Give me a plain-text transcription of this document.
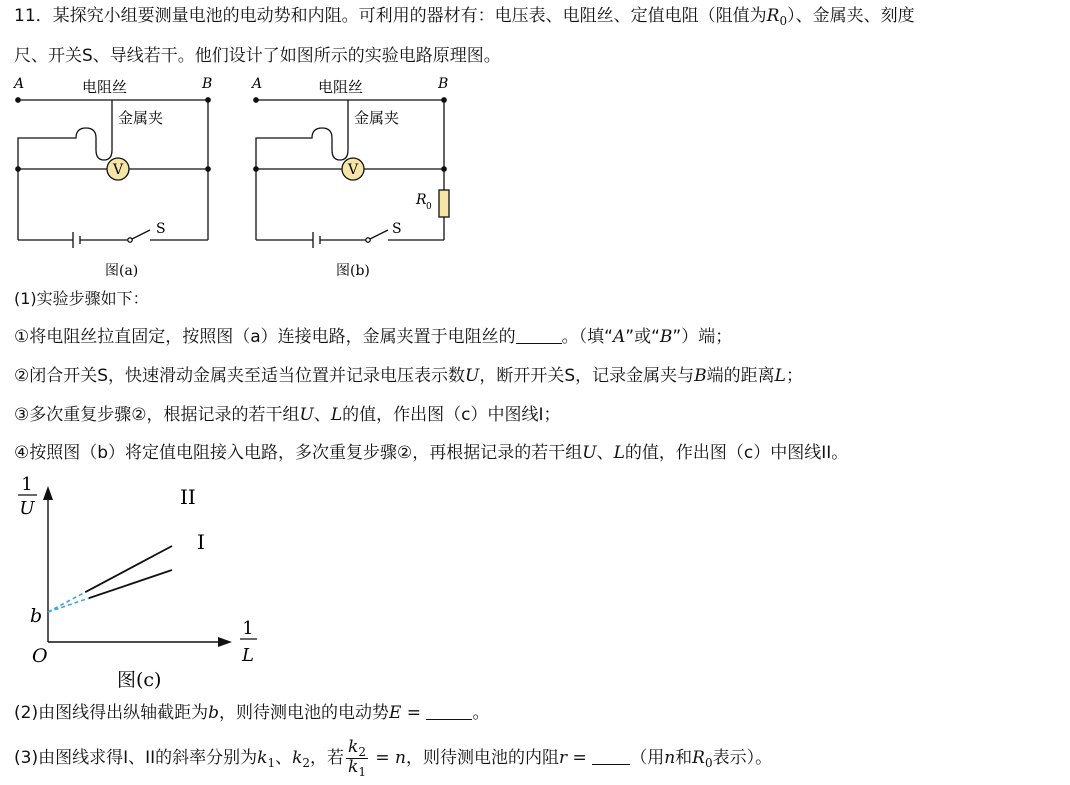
11．某探究小组要测量电池的电动势和内阻。可利用的器材有：电压表、电阻丝、定值电阻（阻值为$R_0$）、金属夹、刻度
尺、开关S、导线若干。他们设计了如图所示的实验电路原理图。
V
A	B
电阻丝
金属夹
S
图(a)
V
A	B
电阻丝
金属夹
R 0
S
图(b)
(1)实验步骤如下：
①将电阻丝拉直固定，按照图（a）连接电路，金属夹置于电阻丝的	。（填“A”或“B”）端；
②闭合开关S，快速滑动金属夹至适当位置并记录电压表示数U，断开开关S，记录金属夹与B端的距离L；
③多次重复步骤②，根据记录的若干组U、L的值，作出图（c）中图线I；
④按照图（b）将定值电阻接入电路，多次重复步骤②，再根据记录的若干组U、L的值，作出图（c）中图线II。
1
U
1
L
b
O
II
I
图(c)
(2)由图线得出纵轴截距为b，则待测电池的电动势E =	。
(3)由图线求得I、II的斜率分别为$k_1$、$k_2$，若 $\frac{k_2}{k_1} = n$，则待测电池的内阻r = （用n和$R_0$表示）。
